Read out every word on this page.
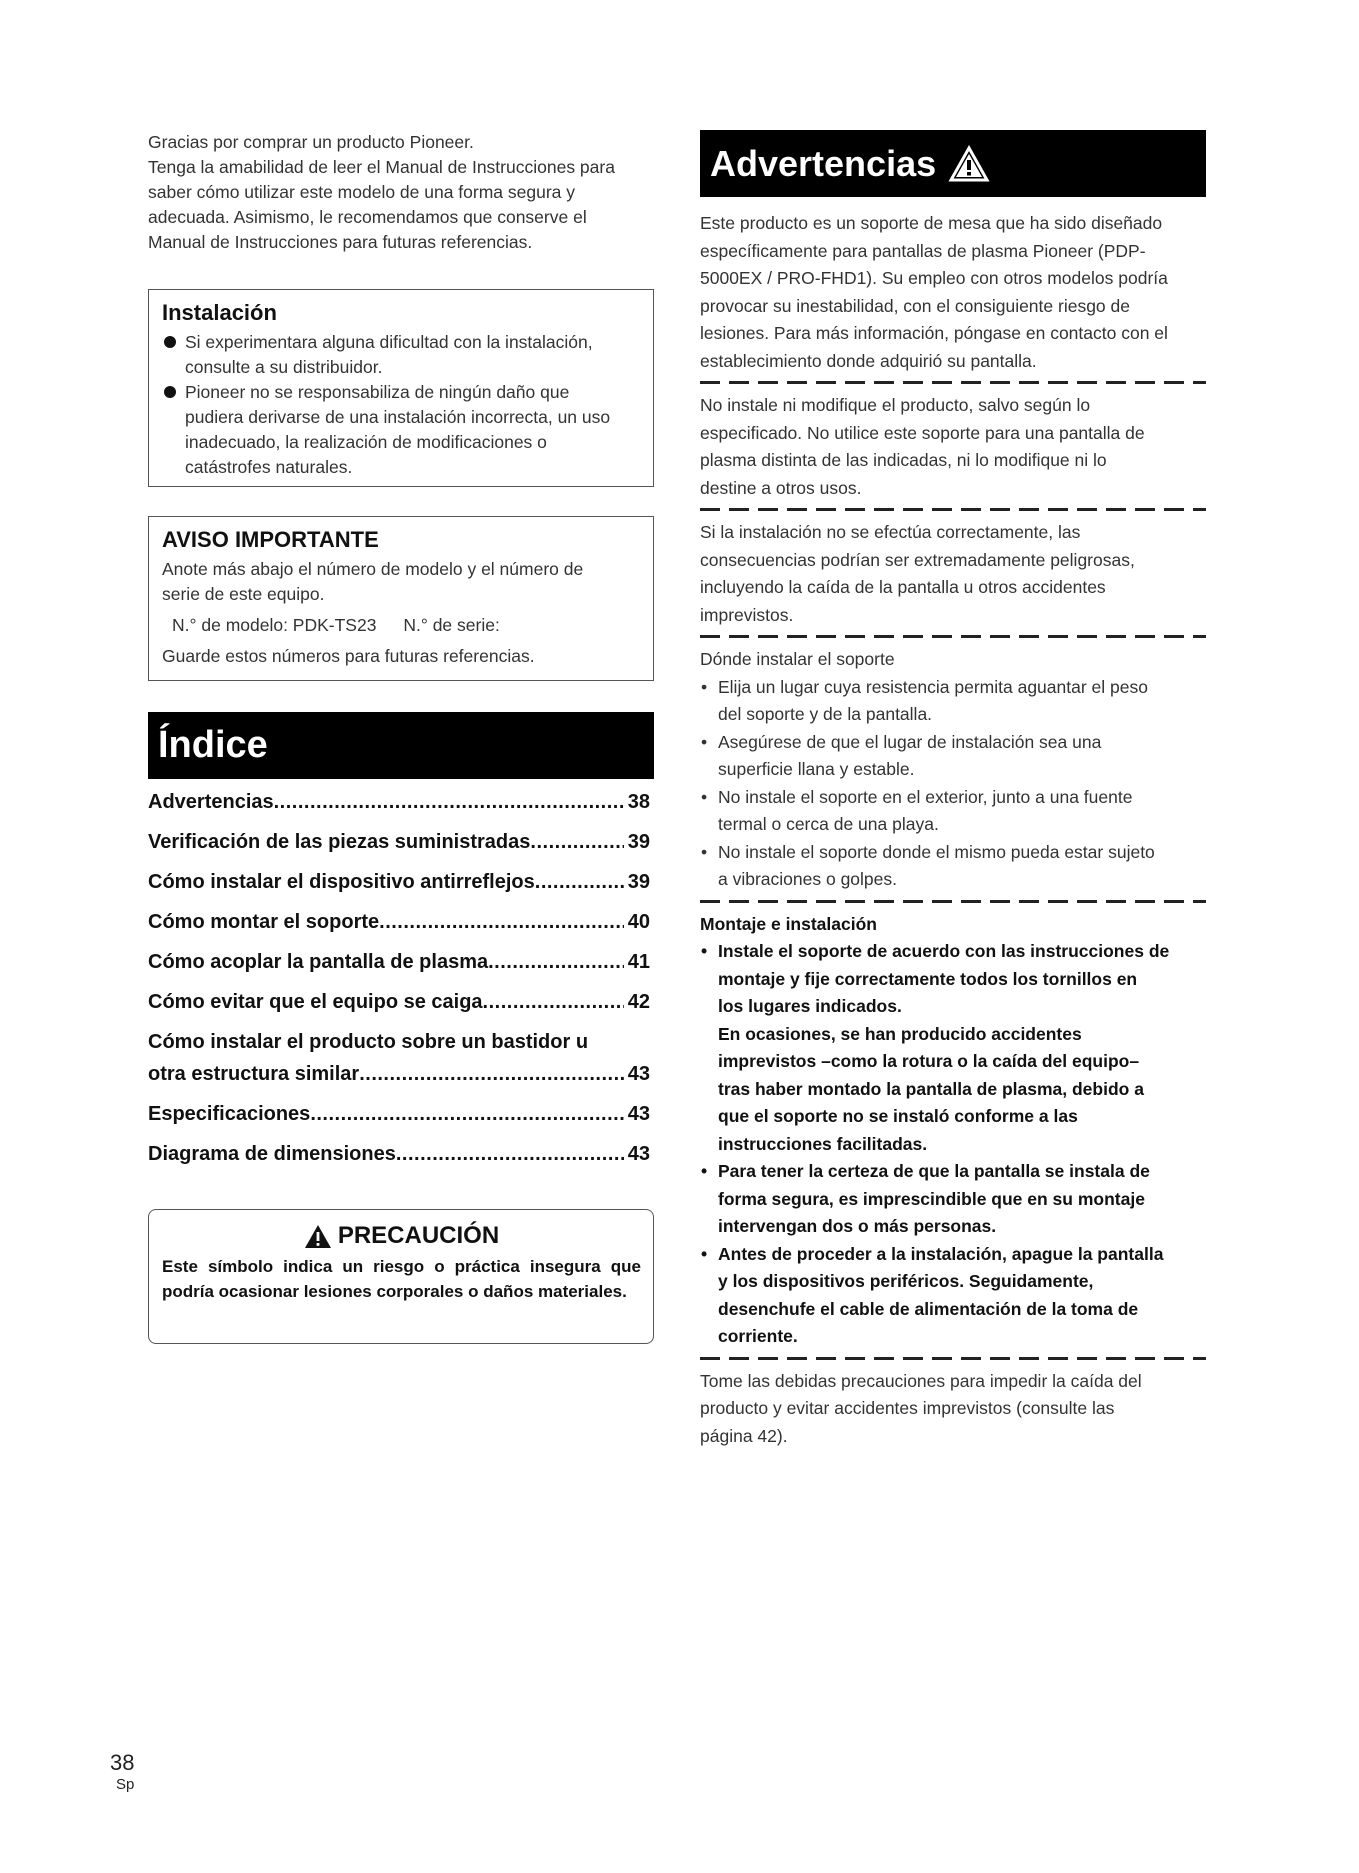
Gracias por comprar un producto Pioneer.

Tenga la amabilidad de leer el Manual de Instrucciones para

saber cómo utilizar este modelo de una forma segura y

adecuada. Asimismo, le recomendamos que conserve el

Manual de Instrucciones para futuras referencias.

Instalación
Si experimentara alguna dificultad con la instalación,
consulte a su distribuidor.
Pioneer no se responsabiliza de ningún daño que
pudiera derivarse de una instalación incorrecta, un uso
inadecuado, la realización de modificaciones o
catástrofes naturales.
AVISO IMPORTANTE
Anote más abajo el número de modelo y el número de
serie de este equipo.
N.° de modelo: PDK-TS23 N.° de serie:
Guarde estos números para futuras referencias.
Índice
Advertencias .....	38
Verificación de las piezas suministradas .....	39
Cómo instalar el dispositivo antirreflejos .....	39
Cómo montar el soporte .....	40
Cómo acoplar la pantalla de plasma .....	41
Cómo evitar que el equipo se caiga .....	42
Cómo instalar el producto sobre un bastidor u
otra estructura similar .....	43
Especificaciones .....	43
Diagrama de dimensiones .....	43
PRECAUCIÓN
Este símbolo indica un riesgo o práctica insegura que podría ocasionar lesiones corporales o daños materiales.
Advertencias

Este producto es un soporte de mesa que ha sido diseñado

específicamente para pantallas de plasma Pioneer (PDP-

5000EX / PRO-FHD1). Su empleo con otros modelos podría

provocar su inestabilidad, con el consiguiente riesgo de

lesiones. Para más información, póngase en contacto con el

establecimiento donde adquirió su pantalla.

No instale ni modifique el producto, salvo según lo

especificado. No utilice este soporte para una pantalla de

plasma distinta de las indicadas, ni lo modifique ni lo

destine a otros usos.

Si la instalación no se efectúa correctamente, las

consecuencias podrían ser extremadamente peligrosas,

incluyendo la caída de la pantalla u otros accidentes

imprevistos.

Dónde instalar el soporte

• Elija un lugar cuya resistencia permita aguantar el peso
del soporte y de la pantalla.
• Asegúrese de que el lugar de instalación sea una
superficie llana y estable.
• No instale el soporte en el exterior, junto a una fuente
termal o cerca de una playa.
• No instale el soporte donde el mismo pueda estar sujeto
a vibraciones o golpes.

Montaje e instalación

• Instale el soporte de acuerdo con las instrucciones de
montaje y fije correctamente todos los tornillos en
los lugares indicados.
En ocasiones, se han producido accidentes
imprevistos –como la rotura o la caída del equipo–
tras haber montado la pantalla de plasma, debido a
que el soporte no se instaló conforme a las
instrucciones facilitadas.
• Para tener la certeza de que la pantalla se instala de
forma segura, es imprescindible que en su montaje
intervengan dos o más personas.
• Antes de proceder a la instalación, apague la pantalla
y los dispositivos periféricos. Seguidamente,
desenchufe el cable de alimentación de la toma de
corriente.

Tome las debidas precauciones para impedir la caída del

producto y evitar accidentes imprevistos (consulte las

página 42).

38
Sp
